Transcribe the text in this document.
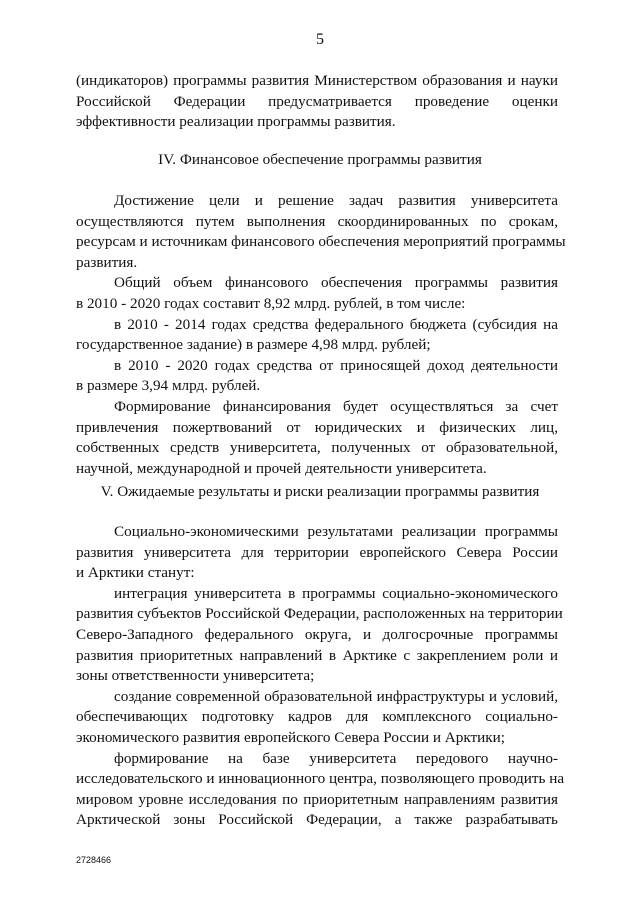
5
(индикаторов) программы развития Министерством образования и науки
Российской Федерации предусматривается проведение оценки
эффективности реализации программы развития.
IV. Финансовое обеспечение программы развития
Достижение цели и решение задач развития университета
осуществляются путем выполнения скоординированных по срокам,
ресурсам и источникам финансового обеспечения мероприятий программы
развития.
Общий объем финансового обеспечения программы развития
в 2010 - 2020 годах составит 8,92 млрд. рублей, в том числе:
в 2010 - 2014 годах средства федерального бюджета (субсидия на
государственное задание) в размере 4,98 млрд. рублей;
в 2010 - 2020 годах средства от приносящей доход деятельности
в размере 3,94 млрд. рублей.
Формирование финансирования будет осуществляться за счет
привлечения пожертвований от юридических и физических лиц,
собственных средств университета, полученных от образовательной,
научной, международной и прочей деятельности университета.
V. Ожидаемые результаты и риски реализации программы развития
Социально-экономическими результатами реализации программы
развития университета для территории европейского Севера России
и Арктики станут:
интеграция университета в программы социально-экономического
развития субъектов Российской Федерации, расположенных на территории
Северо-Западного федерального округа, и долгосрочные программы
развития приоритетных направлений в Арктике с закреплением роли и
зоны ответственности университета;
создание современной образовательной инфраструктуры и условий,
обеспечивающих подготовку кадров для комплексного социально-
экономического развития европейского Севера России и Арктики;
формирование на базе университета передового научно-
исследовательского и инновационного центра, позволяющего проводить на
мировом уровне исследования по приоритетным направлениям развития
Арктической зоны Российской Федерации, а также разрабатывать
2728466
